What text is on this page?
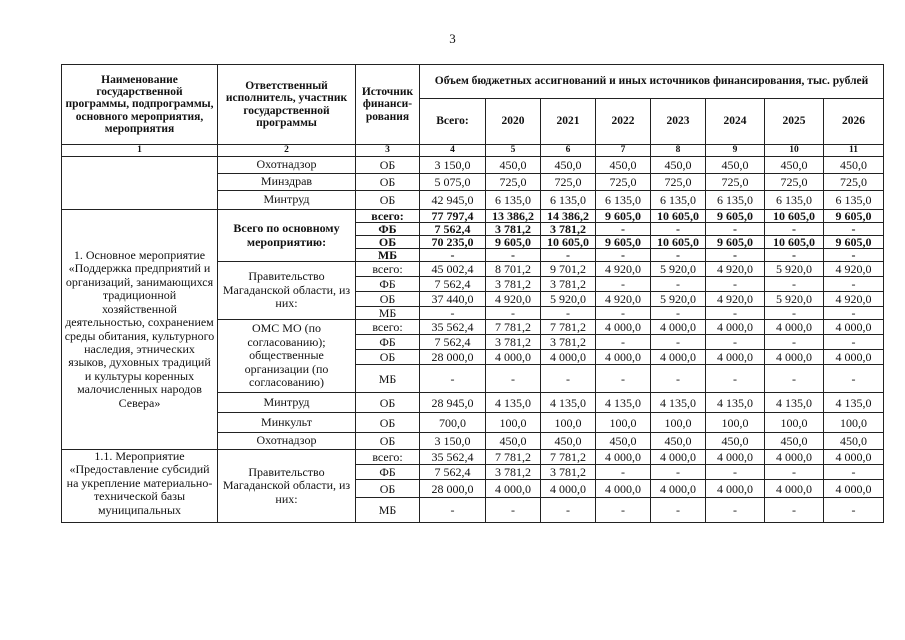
3
Наименование государственной программы, подпрограммы, основного мероприятия, мероприятия	Ответственный исполнитель, участник государственной программы	Источник финанси-рования	Объем бюджетных ассигнований и иных источников финансирования, тыс. рублей							
			Всего:	2020	2021	2022	2023	2024	2025	2026
1	2	3	4	5	6	7	8	9	10	11
	Охотнадзор	ОБ	3 150,0	450,0	450,0	450,0	450,0	450,0	450,0	450,0
	Минздрав	ОБ	5 075,0	725,0	725,0	725,0	725,0	725,0	725,0	725,0
	Минтруд	ОБ	42 945,0	6 135,0	6 135,0	6 135,0	6 135,0	6 135,0	6 135,0	6 135,0
1. Основное мероприятие «Поддержка предприятий и организаций, занимающихся традиционной хозяйственной деятельностью, сохранением среды обитания, культурного наследия, этнических языков, духовных традиций и культуры коренных малочисленных народов Севера»	Всего по основному мероприятию:	всего:	77 797,4	13 386,2	14 386,2	9 605,0	10 605,0	9 605,0	10 605,0	9 605,0
		ФБ	7 562,4	3 781,2	3 781,2	-	-	-	-	-
		ОБ	70 235,0	9 605,0	10 605,0	9 605,0	10 605,0	9 605,0	10 605,0	9 605,0
		МБ	-	-	-	-	-	-	-	-
	Правительство Магаданской области, из них:	всего:	45 002,4	8 701,2	9 701,2	4 920,0	5 920,0	4 920,0	5 920,0	4 920,0
		ФБ	7 562,4	3 781,2	3 781,2	-	-	-	-	-
		ОБ	37 440,0	4 920,0	5 920,0	4 920,0	5 920,0	4 920,0	5 920,0	4 920,0
		МБ	-	-	-	-	-	-	-	-
	ОМС МО (по согласованию); общественные организации (по согласованию)	всего:	35 562,4	7 781,2	7 781,2	4 000,0	4 000,0	4 000,0	4 000,0	4 000,0
		ФБ	7 562,4	3 781,2	3 781,2	-	-	-	-	-
		ОБ	28 000,0	4 000,0	4 000,0	4 000,0	4 000,0	4 000,0	4 000,0	4 000,0
		МБ	-	-	-	-	-	-	-	-
	Минтруд	ОБ	28 945,0	4 135,0	4 135,0	4 135,0	4 135,0	4 135,0	4 135,0	4 135,0
	Минкульт	ОБ	700,0	100,0	100,0	100,0	100,0	100,0	100,0	100,0
	Охотнадзор	ОБ	3 150,0	450,0	450,0	450,0	450,0	450,0	450,0	450,0
1.1. Мероприятие «Предоставление субсидий на укрепление материально-технической базы муниципальных	Правительство Магаданской области, из них:	всего:	35 562,4	7 781,2	7 781,2	4 000,0	4 000,0	4 000,0	4 000,0	4 000,0
		ФБ	7 562,4	3 781,2	3 781,2	-	-	-	-	-
		ОБ	28 000,0	4 000,0	4 000,0	4 000,0	4 000,0	4 000,0	4 000,0	4 000,0
		МБ	-	-	-	-	-	-	-	-
